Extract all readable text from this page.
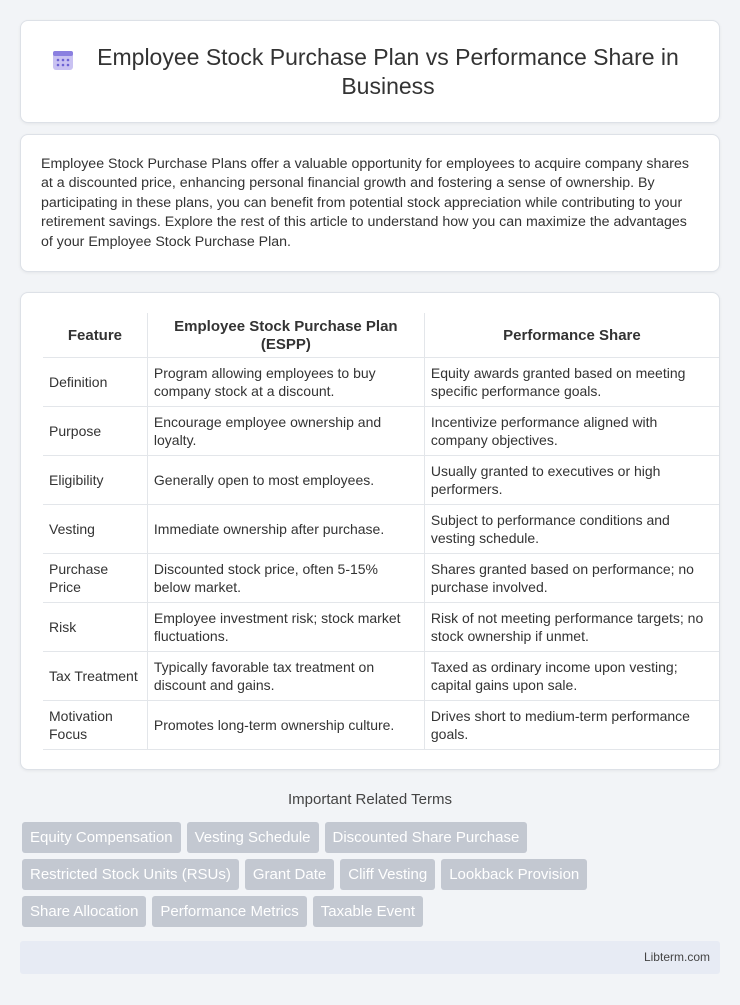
Employee Stock Purchase Plan vs Performance Share in Business

Employee Stock Purchase Plans offer a valuable opportunity for employees to acquire company shares at a discounted price, enhancing personal financial growth and fostering a sense of ownership. By participating in these plans, you can benefit from potential stock appreciation while contributing to your retirement savings. Explore the rest of this article to understand how you can maximize the advantages of your Employee Stock Purchase Plan.

Feature	Employee Stock Purchase Plan (ESPP)	Performance Share
Definition	Program allowing employees to buy company stock at a discount.	Equity awards granted based on meeting specific performance goals.
Purpose	Encourage employee ownership and loyalty.	Incentivize performance aligned with company objectives.
Eligibility	Generally open to most employees.	Usually granted to executives or high performers.
Vesting	Immediate ownership after purchase.	Subject to performance conditions and vesting schedule.
Purchase Price	Discounted stock price, often 5-15% below market.	Shares granted based on performance; no purchase involved.
Risk	Employee investment risk; stock market fluctuations.	Risk of not meeting performance targets; no stock ownership if unmet.
Tax Treatment	Typically favorable tax treatment on discount and gains.	Taxed as ordinary income upon vesting; capital gains upon sale.
Motivation Focus	Promotes long-term ownership culture.	Drives short to medium-term performance goals.
Important Related Terms
Equity Compensation	Vesting Schedule	Discounted Share Purchase
Restricted Stock Units (RSUs)	Grant Date	Cliff Vesting	Lookback Provision
Share Allocation	Performance Metrics	Taxable Event
Libterm.com
